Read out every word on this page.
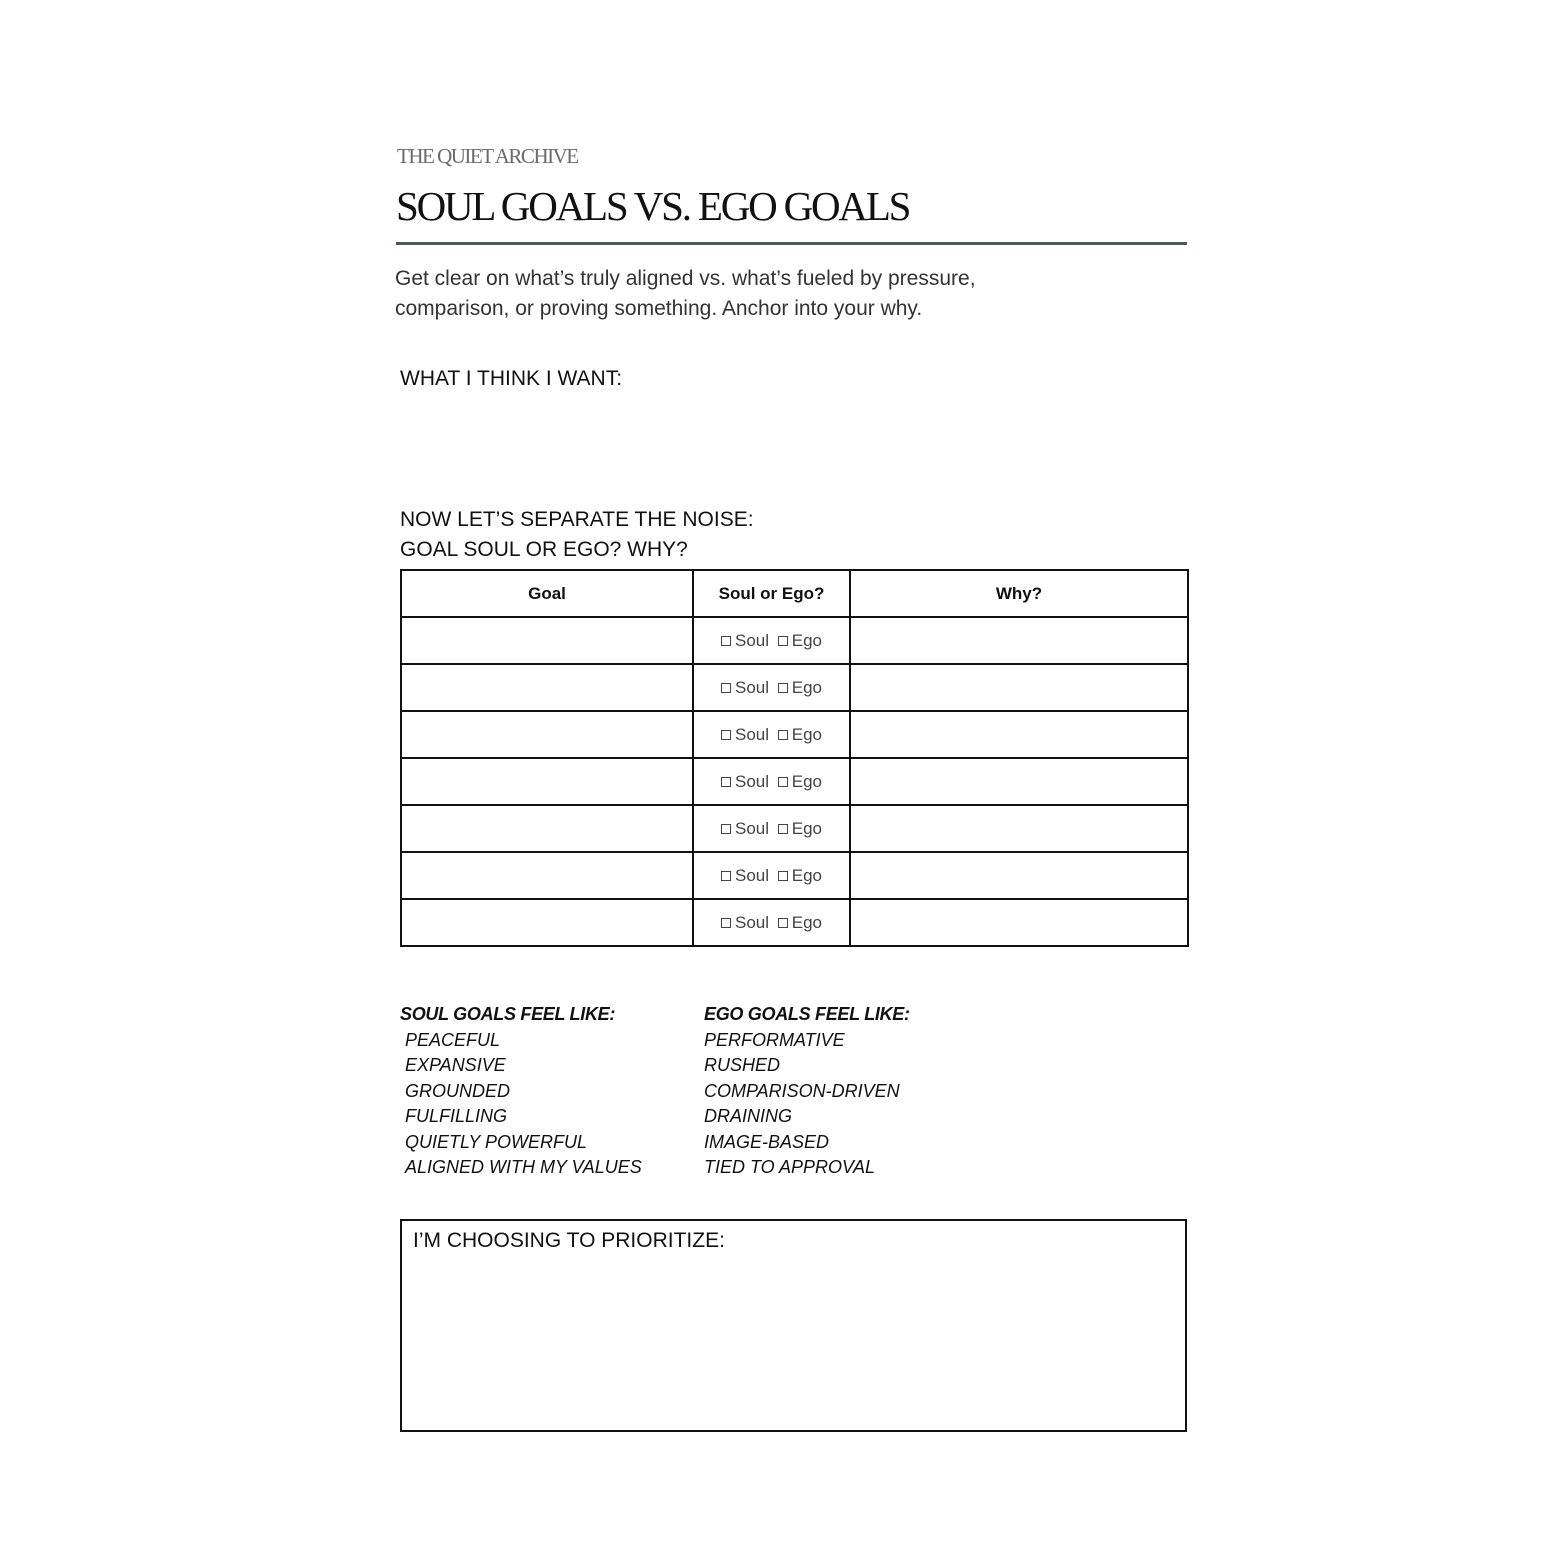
THE QUIET ARCHIVE
SOUL GOALS VS. EGO GOALS

Get clear on what’s truly aligned vs. what’s fueled by pressure,
comparison, or proving something. Anchor into your why.

WHAT I THINK I WANT:
NOW LET’S SEPARATE THE NOISE:
GOAL SOUL OR EGO? WHY?
Goal	Soul or Ego?	Why?
	Soul Ego	
	Soul Ego	
	Soul Ego	
	Soul Ego	
	Soul Ego	
	Soul Ego	
	Soul Ego	
SOUL GOALS FEEL LIKE:
PEACEFUL
EXPANSIVE
GROUNDED
FULFILLING
QUIETLY POWERFUL
ALIGNED WITH MY VALUES
EGO GOALS FEEL LIKE:
PERFORMATIVE
RUSHED
COMPARISON-DRIVEN
DRAINING
IMAGE-BASED
TIED TO APPROVAL
I’M CHOOSING TO PRIORITIZE:
